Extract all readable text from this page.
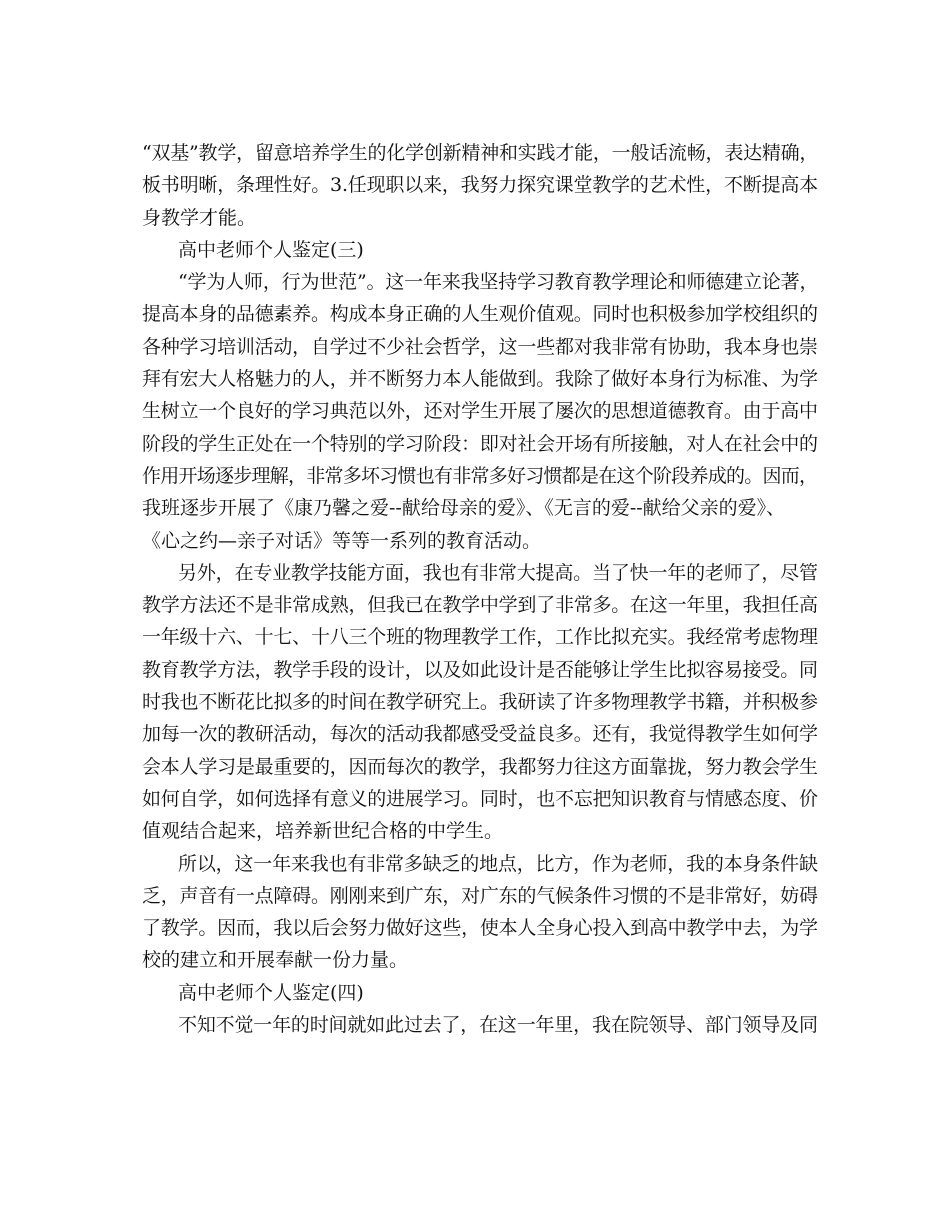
“双基”教学，留意培养学生的化学创新精神和实践才能，一般话流畅，表达精确，
板书明晰，条理性好。3.任现职以来，我努力探究课堂教学的艺术性，不断提高本
身教学才能。
高中老师个人鉴定(三)
“学为人师，行为世范”。这一年来我坚持学习教育教学理论和师德建立论著，
提高本身的品德素养。构成本身正确的人生观价值观。同时也积极参加学校组织的
各种学习培训活动，自学过不少社会哲学，这一些都对我非常有协助，我本身也崇
拜有宏大人格魅力的人，并不断努力本人能做到。我除了做好本身行为标准、为学
生树立一个良好的学习典范以外，还对学生开展了屡次的思想道德教育。由于高中
阶段的学生正处在一个特别的学习阶段：即对社会开场有所接触，对人在社会中的
作用开场逐步理解，非常多坏习惯也有非常多好习惯都是在这个阶段养成的。因而，
我班逐步开展了《康乃馨之爱--献给母亲的爱》、《无言的爱--献给父亲的爱》、
《心之约—亲子对话》等等一系列的教育活动。
另外，在专业教学技能方面，我也有非常大提高。当了快一年的老师了，尽管
教学方法还不是非常成熟，但我已在教学中学到了非常多。在这一年里，我担任高
一年级十六、十七、十八三个班的物理教学工作，工作比拟充实。我经常考虑物理
教育教学方法，教学手段的设计，以及如此设计是否能够让学生比拟容易接受。同
时我也不断花比拟多的时间在教学研究上。我研读了许多物理教学书籍，并积极参
加每一次的教研活动，每次的活动我都感受受益良多。还有，我觉得教学生如何学
会本人学习是最重要的，因而每次的教学，我都努力往这方面靠拢，努力教会学生
如何自学，如何选择有意义的进展学习。同时，也不忘把知识教育与情感态度、价
值观结合起来，培养新世纪合格的中学生。
所以，这一年来我也有非常多缺乏的地点，比方，作为老师，我的本身条件缺
乏，声音有一点障碍。刚刚来到广东，对广东的气候条件习惯的不是非常好，妨碍
了教学。因而，我以后会努力做好这些，使本人全身心投入到高中教学中去，为学
校的建立和开展奉献一份力量。
高中老师个人鉴定(四)
不知不觉一年的时间就如此过去了，在这一年里，我在院领导、部门领导及同
